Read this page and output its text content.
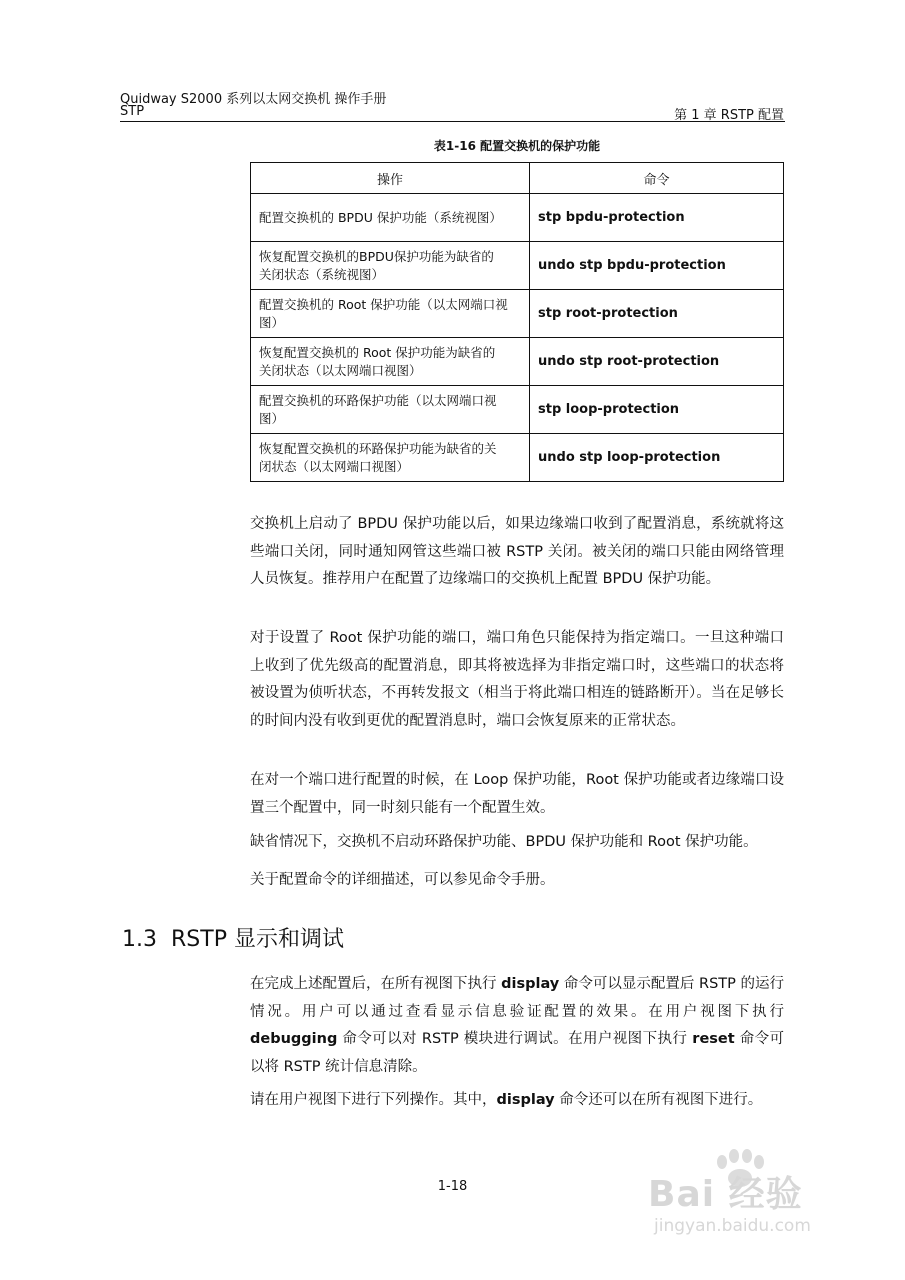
Quidway S2000 系列以太网交换机 操作手册
STP	第 1 章 RSTP 配置
表1-16 配置交换机的保护功能
操作	命令
配置交换机的 BPDU 保护功能（系统视图）	stp bpdu-protection
恢复配置交换机的BPDU保护功能为缺省的
关闭状态（系统视图）	undo stp bpdu-protection
配置交换机的 Root 保护功能（以太网端口视
图）	stp root-protection
恢复配置交换机的 Root 保护功能为缺省的
关闭状态（以太网端口视图）	undo stp root-protection
配置交换机的环路保护功能（以太网端口视
图）	stp loop-protection
恢复配置交换机的环路保护功能为缺省的关
闭状态（以太网端口视图）	undo stp loop-protection
交换机上启动了 BPDU 保护功能以后，如果边缘端口收到了配置消息，系统就将这些端口关闭，同时通知网管这些端口被 RSTP 关闭。被关闭的端口只能由网络管理人员恢复。推荐用户在配置了边缘端口的交换机上配置 BPDU 保护功能。
对于设置了 Root 保护功能的端口，端口角色只能保持为指定端口。一旦这种端口上收到了优先级高的配置消息，即其将被选择为非指定端口时，这些端口的状态将被设置为侦听状态，不再转发报文（相当于将此端口相连的链路断开）。当在足够长的时间内没有收到更优的配置消息时，端口会恢复原来的正常状态。
在对一个端口进行配置的时候，在 Loop 保护功能，Root 保护功能或者边缘端口设置三个配置中，同一时刻只能有一个配置生效。
缺省情况下，交换机不启动环路保护功能、BPDU 保护功能和 Root 保护功能。
关于配置命令的详细描述，可以参见命令手册。
1.3 RSTP 显示和调试
在完成上述配置后，在所有视图下执行 display 命令可以显示配置后 RSTP 的运行情况。用户可以通过查看显示信息验证配置的效果。在用户视图下执行 debugging 命令可以对 RSTP 模块进行调试。在用户视图下执行 reset 命令可以将 RSTP 统计信息清除。
请在用户视图下进行下列操作。其中，display 命令还可以在所有视图下进行。
1-18	Bai 经验
jingyan.baidu.com
